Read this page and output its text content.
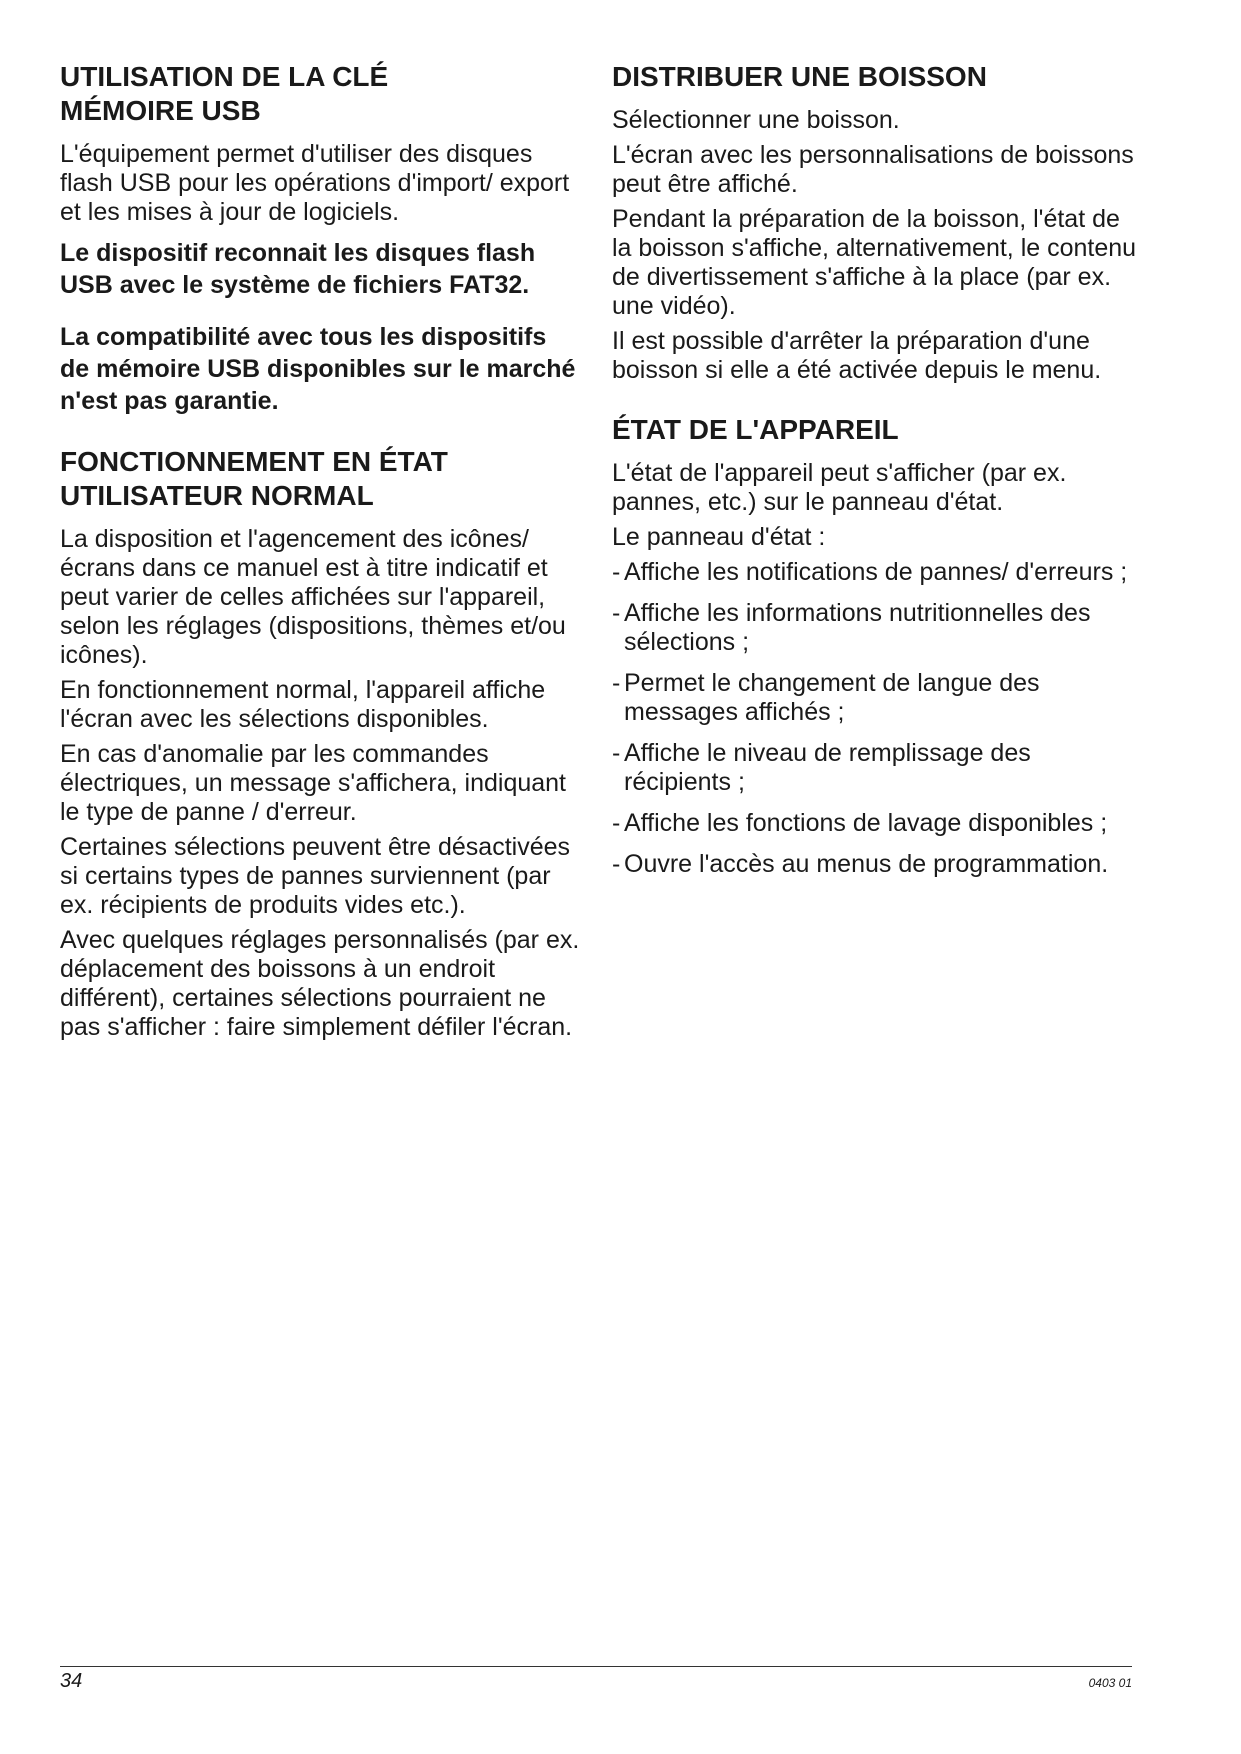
UTILISATION DE LA CLÉ
MÉMOIRE USB

L'équipement permet d'utiliser des disques flash USB pour les opérations d'import/ export et les mises à jour de logiciels.

Le dispositif reconnait les disques flash USB avec le système de fichiers FAT32.

La compatibilité avec tous les dispositifs de mémoire USB disponibles sur le marché n'est pas garantie.

FONCTIONNEMENT EN ÉTAT
UTILISATEUR NORMAL

La disposition et l'agencement des icônes/ écrans dans ce manuel est à titre indicatif et peut varier de celles affichées sur l'appareil, selon les réglages (dispositions, thèmes et/ou icônes).

En fonctionnement normal, l'appareil affiche l'écran avec les sélections disponibles.

En cas d'anomalie par les commandes électriques, un message s'affichera, indiquant le type de panne / d'erreur.

Certaines sélections peuvent être désactivées si certains types de pannes surviennent (par ex. récipients de produits vides etc.).

Avec quelques réglages personnalisés (par ex. déplacement des boissons à un endroit différent), certaines sélections pourraient ne pas s'afficher : faire simplement défiler l'écran.

DISTRIBUER UNE BOISSON

Sélectionner une boisson.

L'écran avec les personnalisations de boissons peut être affiché.

Pendant la préparation de la boisson, l'état de la boisson s'affiche, alternativement, le contenu de divertissement s'affiche à la place (par ex. une vidéo).

Il est possible d'arrêter la préparation d'une boisson si elle a été activée depuis le menu.

ÉTAT DE L'APPAREIL

L'état de l'appareil peut s'afficher (par ex. pannes, etc.) sur le panneau d'état.

Le panneau d'état :

- Affiche les notifications de pannes/ d'erreurs ;
- Affiche les informations nutritionnelles des sélections ;
- Permet le changement de langue des messages affichés ;
- Affiche le niveau de remplissage des récipients ;
- Affiche les fonctions de lavage disponibles ;
- Ouvre l'accès au menus de programmation.
34	0403 01
